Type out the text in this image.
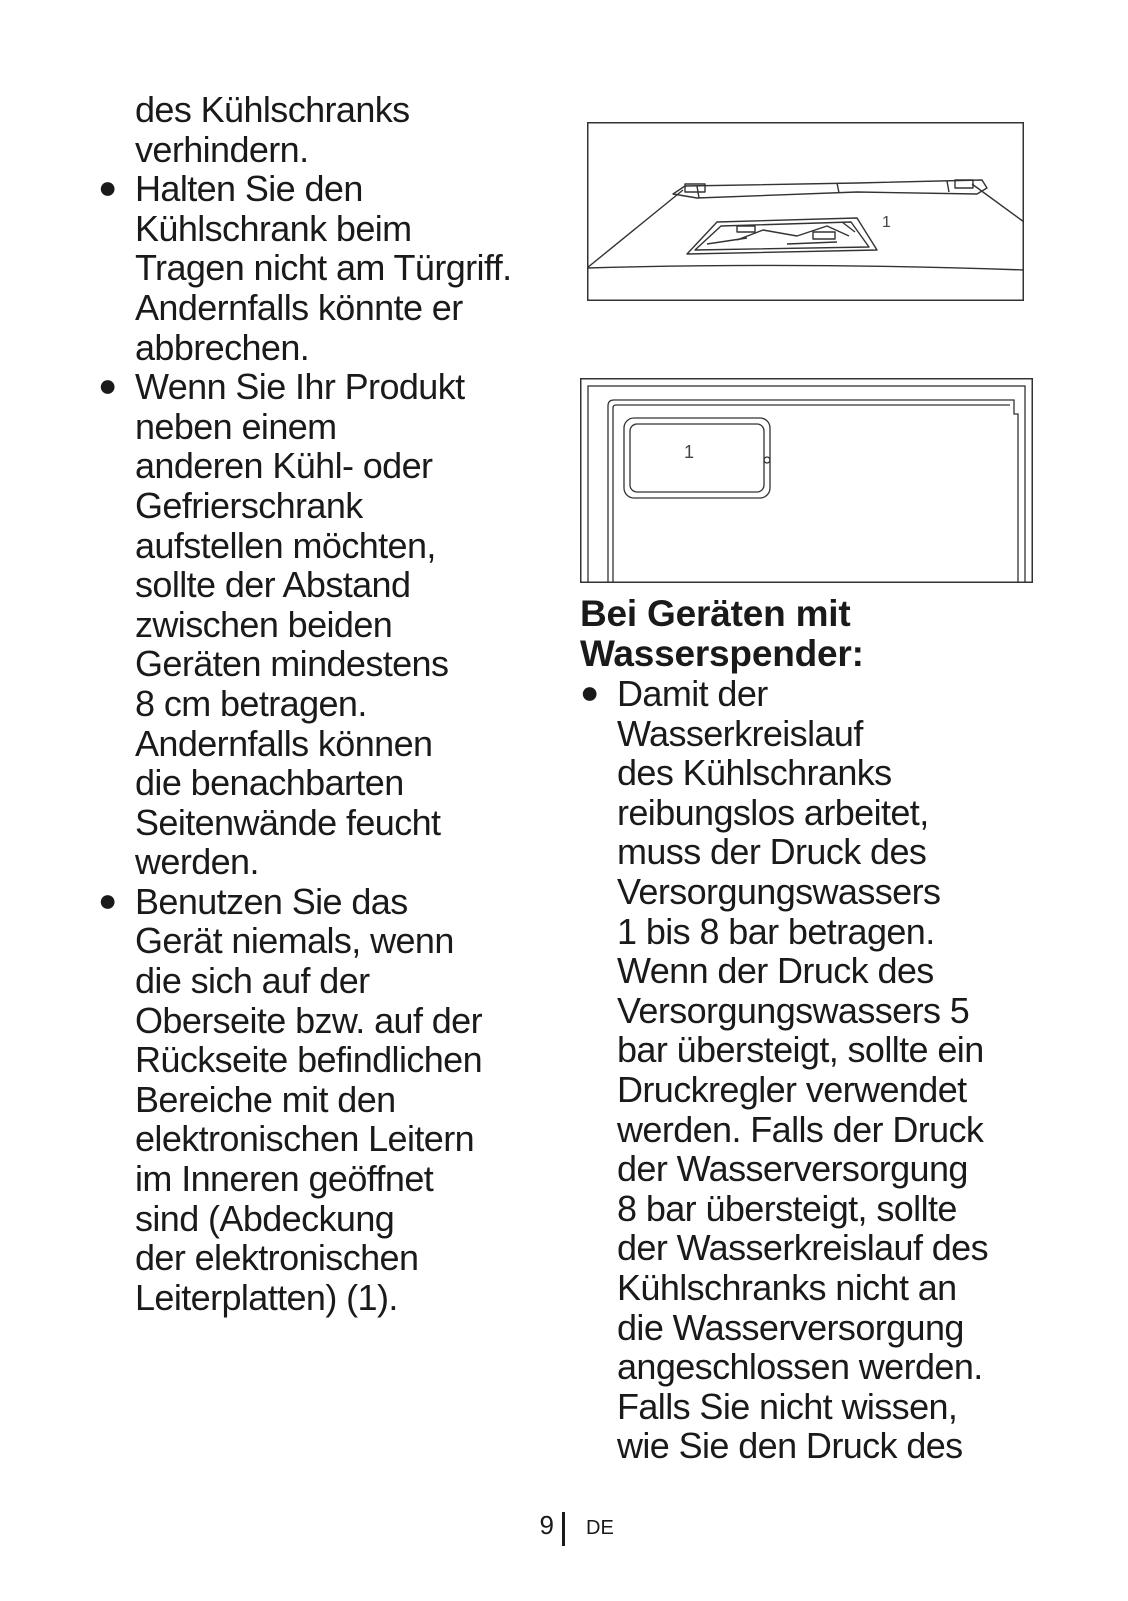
des Kühlschranks
verhindern.
● Halten Sie den
Kühlschrank beim
Tragen nicht am Türgriff.
Andernfalls könnte er
abbrechen.
● Wenn Sie Ihr Produkt
neben einem
anderen Kühl- oder
Gefrierschrank
aufstellen möchten,
sollte der Abstand
zwischen beiden
Geräten mindestens
8 cm betragen.
Andernfalls können
die benachbarten
Seitenwände feucht
werden.
● Benutzen Sie das
Gerät niemals, wenn
die sich auf der
Oberseite bzw. auf der
Rückseite befindlichen
Bereiche mit den
elektronischen Leitern
im Inneren geöffnet
sind (Abdeckung
der elektronischen
Leiterplatten) (1).
1
1
Bei Geräten mit
Wasserspender:
● Damit der
Wasserkreislauf
des Kühlschranks
reibungslos arbeitet,
muss der Druck des
Versorgungswassers
1 bis 8 bar betragen.
Wenn der Druck des
Versorgungswassers 5
bar übersteigt, sollte ein
Druckregler verwendet
werden. Falls der Druck
der Wasserversorgung
8 bar übersteigt, sollte
der Wasserkreislauf des
Kühlschranks nicht an
die Wasserversorgung
angeschlossen werden.
Falls Sie nicht wissen,
wie Sie den Druck des
9 DE
